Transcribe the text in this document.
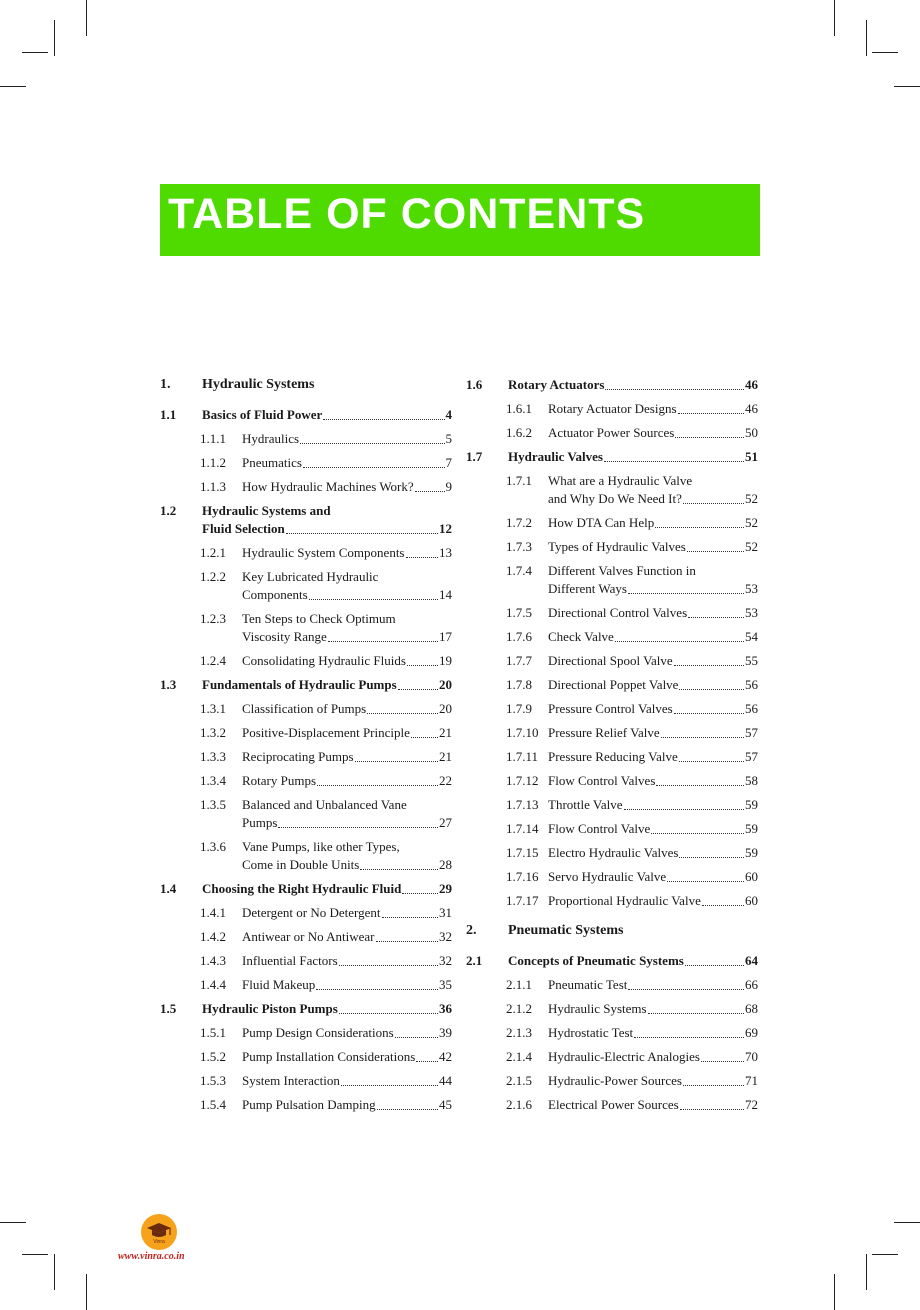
TABLE OF CONTENTS
1.	Hydraulic Systems
1.1	Basics of Fluid Power	4
1.1.1	Hydraulics	5
1.1.2	Pneumatics	7
1.1.3	How Hydraulic Machines Work? 9
1.2	Hydraulic Systems and
Fluid Selection	12
1.2.1	Hydraulic System Components	13
1.2.2	Key Lubricated Hydraulic
Components	14
1.2.3	Ten Steps to Check Optimum
Viscosity Range	17
1.2.4	Consolidating Hydraulic Fluids	19
1.3	Fundamentals of Hydraulic Pumps	20
1.3.1	Classification of Pumps	20
1.3.2	Positive-Displacement Principle 21
1.3.3	Reciprocating Pumps	21
1.3.4	Rotary Pumps	22
1.3.5	Balanced and Unbalanced Vane
Pumps	27
1.3.6	Vane Pumps, like other Types,
Come in Double Units	28
1.4	Choosing the Right Hydraulic Fluid	29
1.4.1	Detergent or No Detergent	31
1.4.2	Antiwear or No Antiwear	32
1.4.3	Influential Factors	32
1.4.4	Fluid Makeup	35
1.5	Hydraulic Piston Pumps	36
1.5.1	Pump Design Considerations	39
1.5.2	Pump Installation Considerations 42
1.5.3	System Interaction	44
1.5.4	Pump Pulsation Damping	45
1.6	Rotary Actuators	46
1.6.1	Rotary Actuator Designs	46
1.6.2	Actuator Power Sources	50
1.7	Hydraulic Valves	51
1.7.1	What are a Hydraulic Valve
and Why Do We Need It?	52
1.7.2	How DTA Can Help	52
1.7.3	Types of Hydraulic Valves	52
1.7.4	Different Valves Function in
Different Ways	53
1.7.5	Directional Control Valves	53
1.7.6	Check Valve	54
1.7.7	Directional Spool Valve	55
1.7.8	Directional Poppet Valve	56
1.7.9	Pressure Control Valves	56
1.7.10 Pressure Relief Valve	57
1.7.11 Pressure Reducing Valve	57
1.7.12 Flow Control Valves	58
1.7.13 Throttle Valve	59
1.7.14 Flow Control Valve	59
1.7.15 Electro Hydraulic Valves	59
1.7.16 Servo Hydraulic Valve	60
1.7.17 Proportional Hydraulic Valve	60
2.	Pneumatic Systems
2.1	Concepts of Pneumatic Systems	64
2.1.1	Pneumatic Test	66
2.1.2	Hydraulic Systems	68
2.1.3	Hydrostatic Test	69
2.1.4	Hydraulic-Electric Analogies	70
2.1.5	Hydraulic-Power Sources	71
2.1.6	Electrical Power Sources	72
Vinra
www.vinra.co.in
